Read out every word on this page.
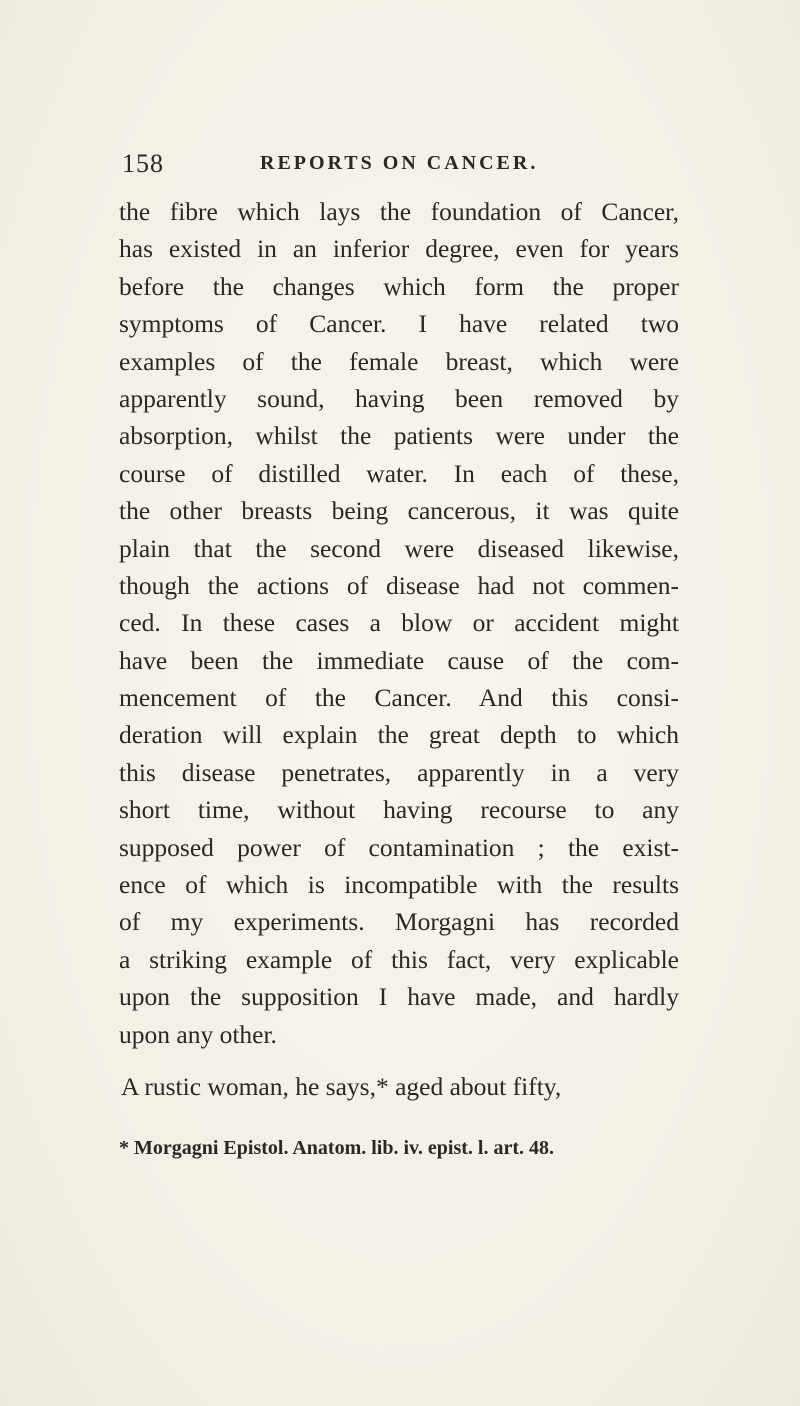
158	REPORTS ON CANCER.
the fibre which lays the foundation of Cancer,
has existed in an inferior degree, even for years
before the changes which form the proper
symptoms of Cancer. I have related two
examples of the female breast, which were
apparently sound, having been removed by
absorption, whilst the patients were under the
course of distilled water. In each of these,
the other breasts being cancerous, it was quite
plain that the second were diseased likewise,
though the actions of disease had not commen-
ced. In these cases a blow or accident might
have been the immediate cause of the com-
mencement of the Cancer. And this consi-
deration will explain the great depth to which
this disease penetrates, apparently in a very
short time, without having recourse to any
supposed power of contamination ; the exist-
ence of which is incompatible with the results
of my experiments. Morgagni has recorded
a striking example of this fact, very explicable
upon the supposition I have made, and hardly
upon any other.
A rustic woman, he says,* aged about fifty,
* Morgagni Epistol. Anatom. lib. iv. epist. l. art. 48.
